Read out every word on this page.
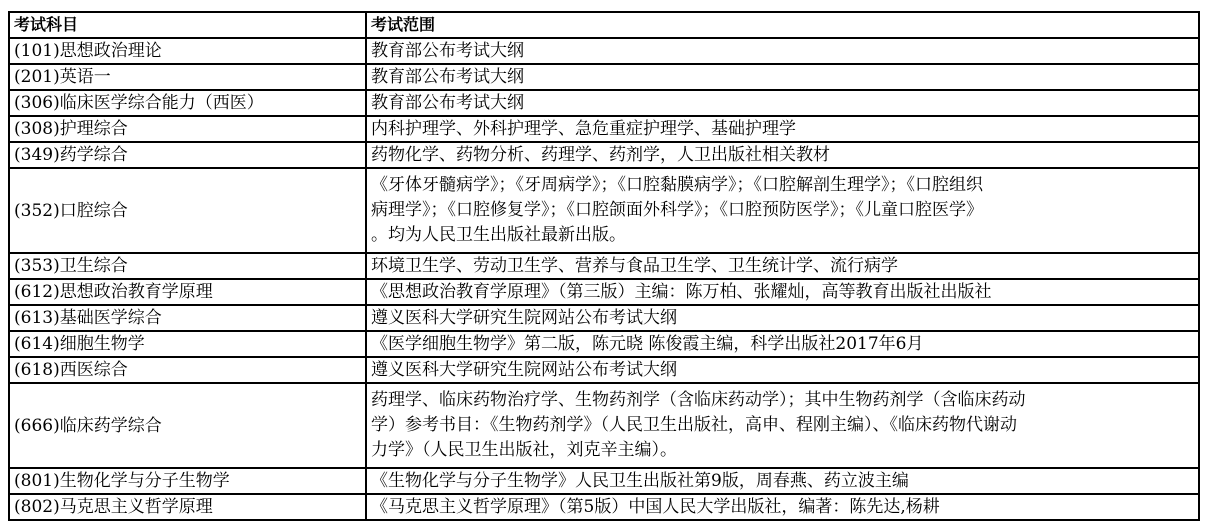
考试科目	考试范围
(101)思想政治理论	教育部公布考试大纲
(201)英语一	教育部公布考试大纲
(306)临床医学综合能力（西医）	教育部公布考试大纲
(308)护理综合	内科护理学、外科护理学、急危重症护理学、基础护理学
(349)药学综合	药物化学、药物分析、药理学、药剂学，人卫出版社相关教材
(352)口腔综合	《牙体牙髓病学》；《牙周病学》；《口腔黏膜病学》；《口腔解剖生理学》；《口腔组织
病理学》；《口腔修复学》；《口腔颌面外科学》；《口腔预防医学》；《儿童口腔医学》
。均为人民卫生出版社最新出版。

(353)卫生综合	环境卫生学、劳动卫生学、营养与食品卫生学、卫生统计学、流行病学
(612)思想政治教育学原理	《思想政治教育学原理》（第三版）主编：陈万柏、张耀灿，高等教育出版社出版社
(613)基础医学综合	遵义医科大学研究生院网站公布考试大纲
(614)细胞生物学	《医学细胞生物学》第二版，陈元晓 陈俊霞主编，科学出版社2017年6月
(618)西医综合	遵义医科大学研究生院网站公布考试大纲
(666)临床药学综合	药理学、临床药物治疗学、生物药剂学（含临床药动学）；其中生物药剂学（含临床药动
学）参考书目：《生物药剂学》（人民卫生出版社，高申、程刚主编）、《临床药物代谢动
力学》（人民卫生出版社，刘克辛主编）。

(801)生物化学与分子生物学	《生物化学与分子生物学》人民卫生出版社第9版，周春燕、药立波主编
(802)马克思主义哲学原理	《马克思主义哲学原理》（第5版）中国人民大学出版社，编著：陈先达,杨耕
